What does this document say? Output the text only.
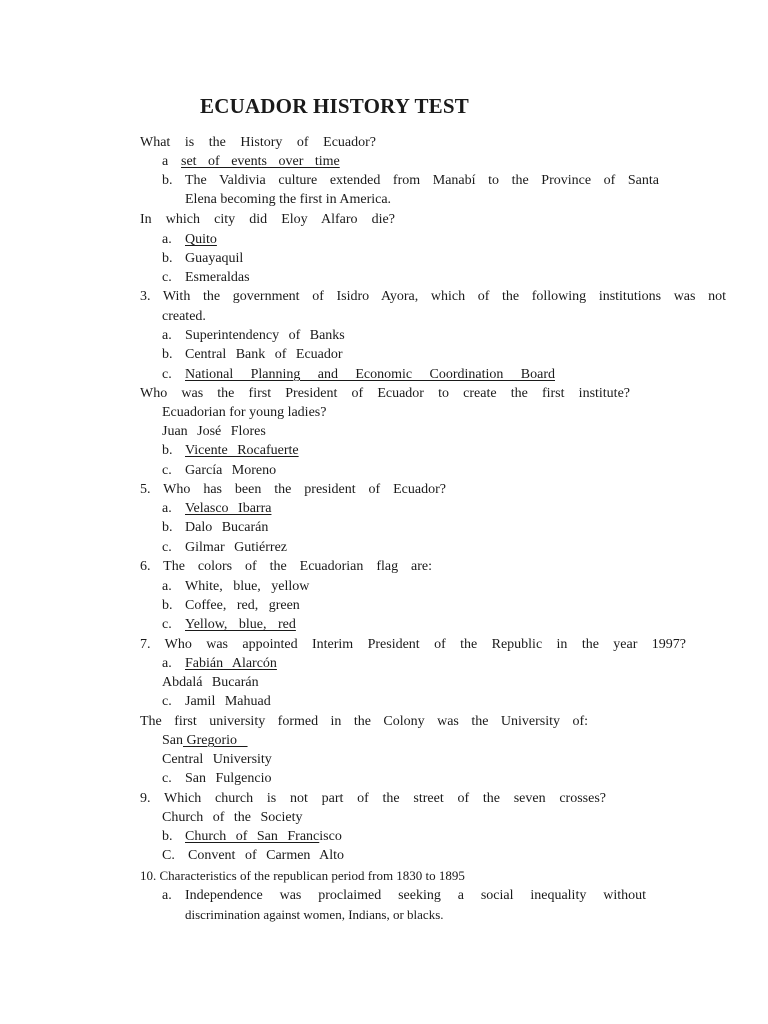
ECUADOR HISTORY TEST
What is the History of Ecuador?
a set of events over time
b. The Valdivia culture extended from Manabí to the Province of Santa
Elena becoming the first in America.
In which city did Eloy Alfaro die?
a. Quito
b. Guayaquil
c. Esmeraldas
3. With the government of Isidro Ayora, which of the following institutions was not
created.
a. Superintendency of Banks
b. Central Bank of Ecuador
c. National Planning and Economic Coordination Board
Who was the first President of Ecuador to create the first institute?
Ecuadorian for young ladies?
Juan José Flores
b. Vicente Rocafuerte
c. García Moreno
5. Who has been the president of Ecuador?
a. Velasco Ibarra
b. Dalo Bucarán
c. Gilmar Gutiérrez
6. The colors of the Ecuadorian flag are:
a. White, blue, yellow
b. Coffee, red, green
c. Yellow, blue, red
7. Who was appointed Interim President of the Republic in the year 1997?
a. Fabián Alarcón
Abdalá Bucarán
c. Jamil Mahuad
The first university formed in the Colony was the University of:
San Gregorio
Central University
c. San Fulgencio
9. Which church is not part of the street of the seven crosses?
Church of the Society
b. Church of San Francisco
C. Convent of Carmen Alto
10. Characteristics of the republican period from 1830 to 1895
a. Independence was proclaimed seeking a social inequality without
discrimination against women, Indians, or blacks.
